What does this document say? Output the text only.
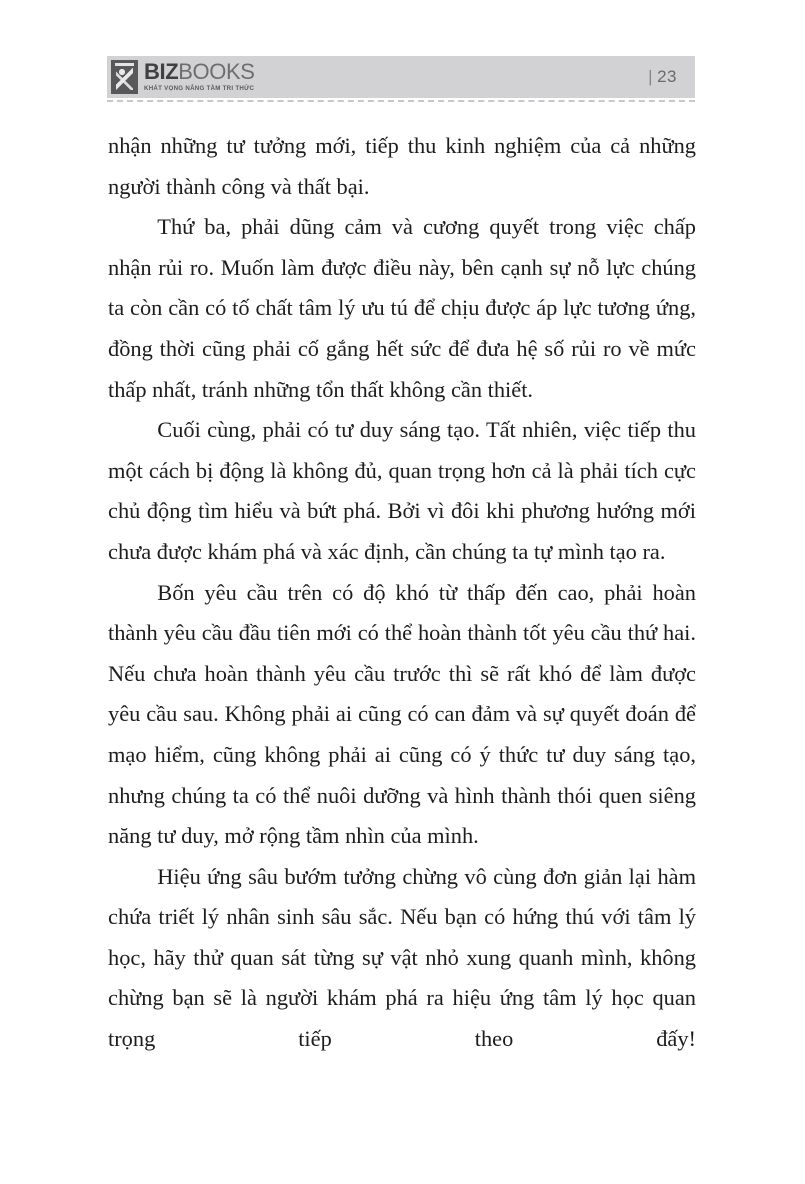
BIZBOOKS
KHÁT VỌNG NÂNG TẦM TRI THỨC
| 23

nhận những tư tưởng mới, tiếp thu kinh nghiệm của cả những người thành công và thất bại.

Thứ ba, phải dũng cảm và cương quyết trong việc chấp nhận rủi ro. Muốn làm được điều này, bên cạnh sự nỗ lực chúng ta còn cần có tố chất tâm lý ưu tú để chịu được áp lực tương ứng, đồng thời cũng phải cố gắng hết sức để đưa hệ số rủi ro về mức thấp nhất, tránh những tổn thất không cần thiết.

Cuối cùng, phải có tư duy sáng tạo. Tất nhiên, việc tiếp thu một cách bị động là không đủ, quan trọng hơn cả là phải tích cực chủ động tìm hiểu và bứt phá. Bởi vì đôi khi phương hướng mới chưa được khám phá và xác định, cần chúng ta tự mình tạo ra.

Bốn yêu cầu trên có độ khó từ thấp đến cao, phải hoàn thành yêu cầu đầu tiên mới có thể hoàn thành tốt yêu cầu thứ hai. Nếu chưa hoàn thành yêu cầu trước thì sẽ rất khó để làm được yêu cầu sau. Không phải ai cũng có can đảm và sự quyết đoán để mạo hiểm, cũng không phải ai cũng có ý thức tư duy sáng tạo, nhưng chúng ta có thể nuôi dưỡng và hình thành thói quen siêng năng tư duy, mở rộng tầm nhìn của mình.

Hiệu ứng sâu bướm tưởng chừng vô cùng đơn giản lại hàm chứa triết lý nhân sinh sâu sắc. Nếu bạn có hứng thú với tâm lý học, hãy thử quan sát từng sự vật nhỏ xung quanh mình, không chừng bạn sẽ là người khám phá ra hiệu ứng tâm lý học quan trọng tiếp theo đấy!
